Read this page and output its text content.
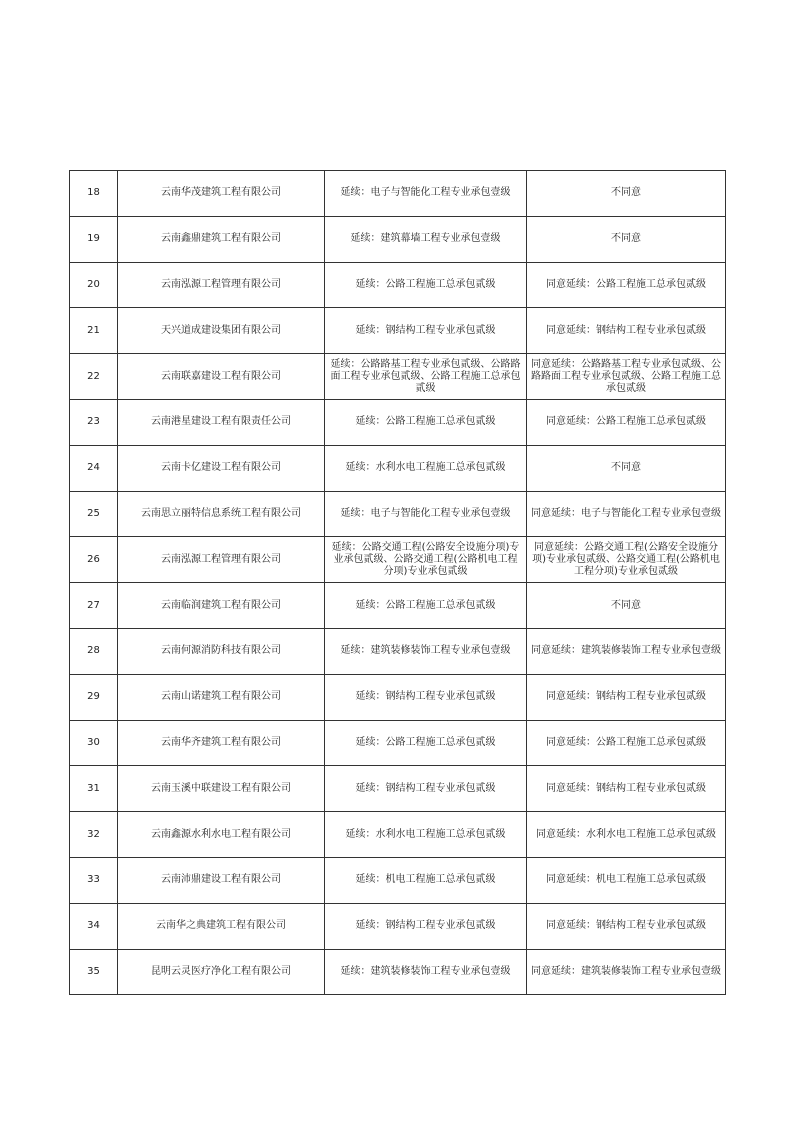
18	云南华茂建筑工程有限公司	延续：电子与智能化工程专业承包壹级	不同意
19	云南鑫鼎建筑工程有限公司	延续：建筑幕墙工程专业承包壹级	不同意
20	云南泓源工程管理有限公司	延续：公路工程施工总承包贰级	同意延续：公路工程施工总承包贰级
21	天兴道成建设集团有限公司	延续：钢结构工程专业承包贰级	同意延续：钢结构工程专业承包贰级
22	云南联嘉建设工程有限公司	延续：公路路基工程专业承包贰级、公路路面工程专业承包贰级、公路工程施工总承包贰级	同意延续：公路路基工程专业承包贰级、公路路面工程专业承包贰级、公路工程施工总承包贰级
23	云南港星建设工程有限责任公司	延续：公路工程施工总承包贰级	同意延续：公路工程施工总承包贰级
24	云南卡亿建设工程有限公司	延续：水利水电工程施工总承包贰级	不同意
25	云南思立丽特信息系统工程有限公司	延续：电子与智能化工程专业承包壹级	同意延续：电子与智能化工程专业承包壹级
26	云南泓源工程管理有限公司	延续：公路交通工程(公路安全设施分项)专业承包贰级、公路交通工程(公路机电工程分项)专业承包贰级	同意延续：公路交通工程(公路安全设施分项)专业承包贰级、公路交通工程(公路机电工程分项)专业承包贰级
27	云南临润建筑工程有限公司	延续：公路工程施工总承包贰级	不同意
28	云南何源消防科技有限公司	延续：建筑装修装饰工程专业承包壹级	同意延续：建筑装修装饰工程专业承包壹级
29	云南山诺建筑工程有限公司	延续：钢结构工程专业承包贰级	同意延续：钢结构工程专业承包贰级
30	云南华齐建筑工程有限公司	延续：公路工程施工总承包贰级	同意延续：公路工程施工总承包贰级
31	云南玉溪中联建设工程有限公司	延续：钢结构工程专业承包贰级	同意延续：钢结构工程专业承包贰级
32	云南鑫源水利水电工程有限公司	延续：水利水电工程施工总承包贰级	同意延续：水利水电工程施工总承包贰级
33	云南沛鼎建设工程有限公司	延续：机电工程施工总承包贰级	同意延续：机电工程施工总承包贰级
34	云南华之典建筑工程有限公司	延续：钢结构工程专业承包贰级	同意延续：钢结构工程专业承包贰级
35	昆明云灵医疗净化工程有限公司	延续：建筑装修装饰工程专业承包壹级	同意延续：建筑装修装饰工程专业承包壹级
